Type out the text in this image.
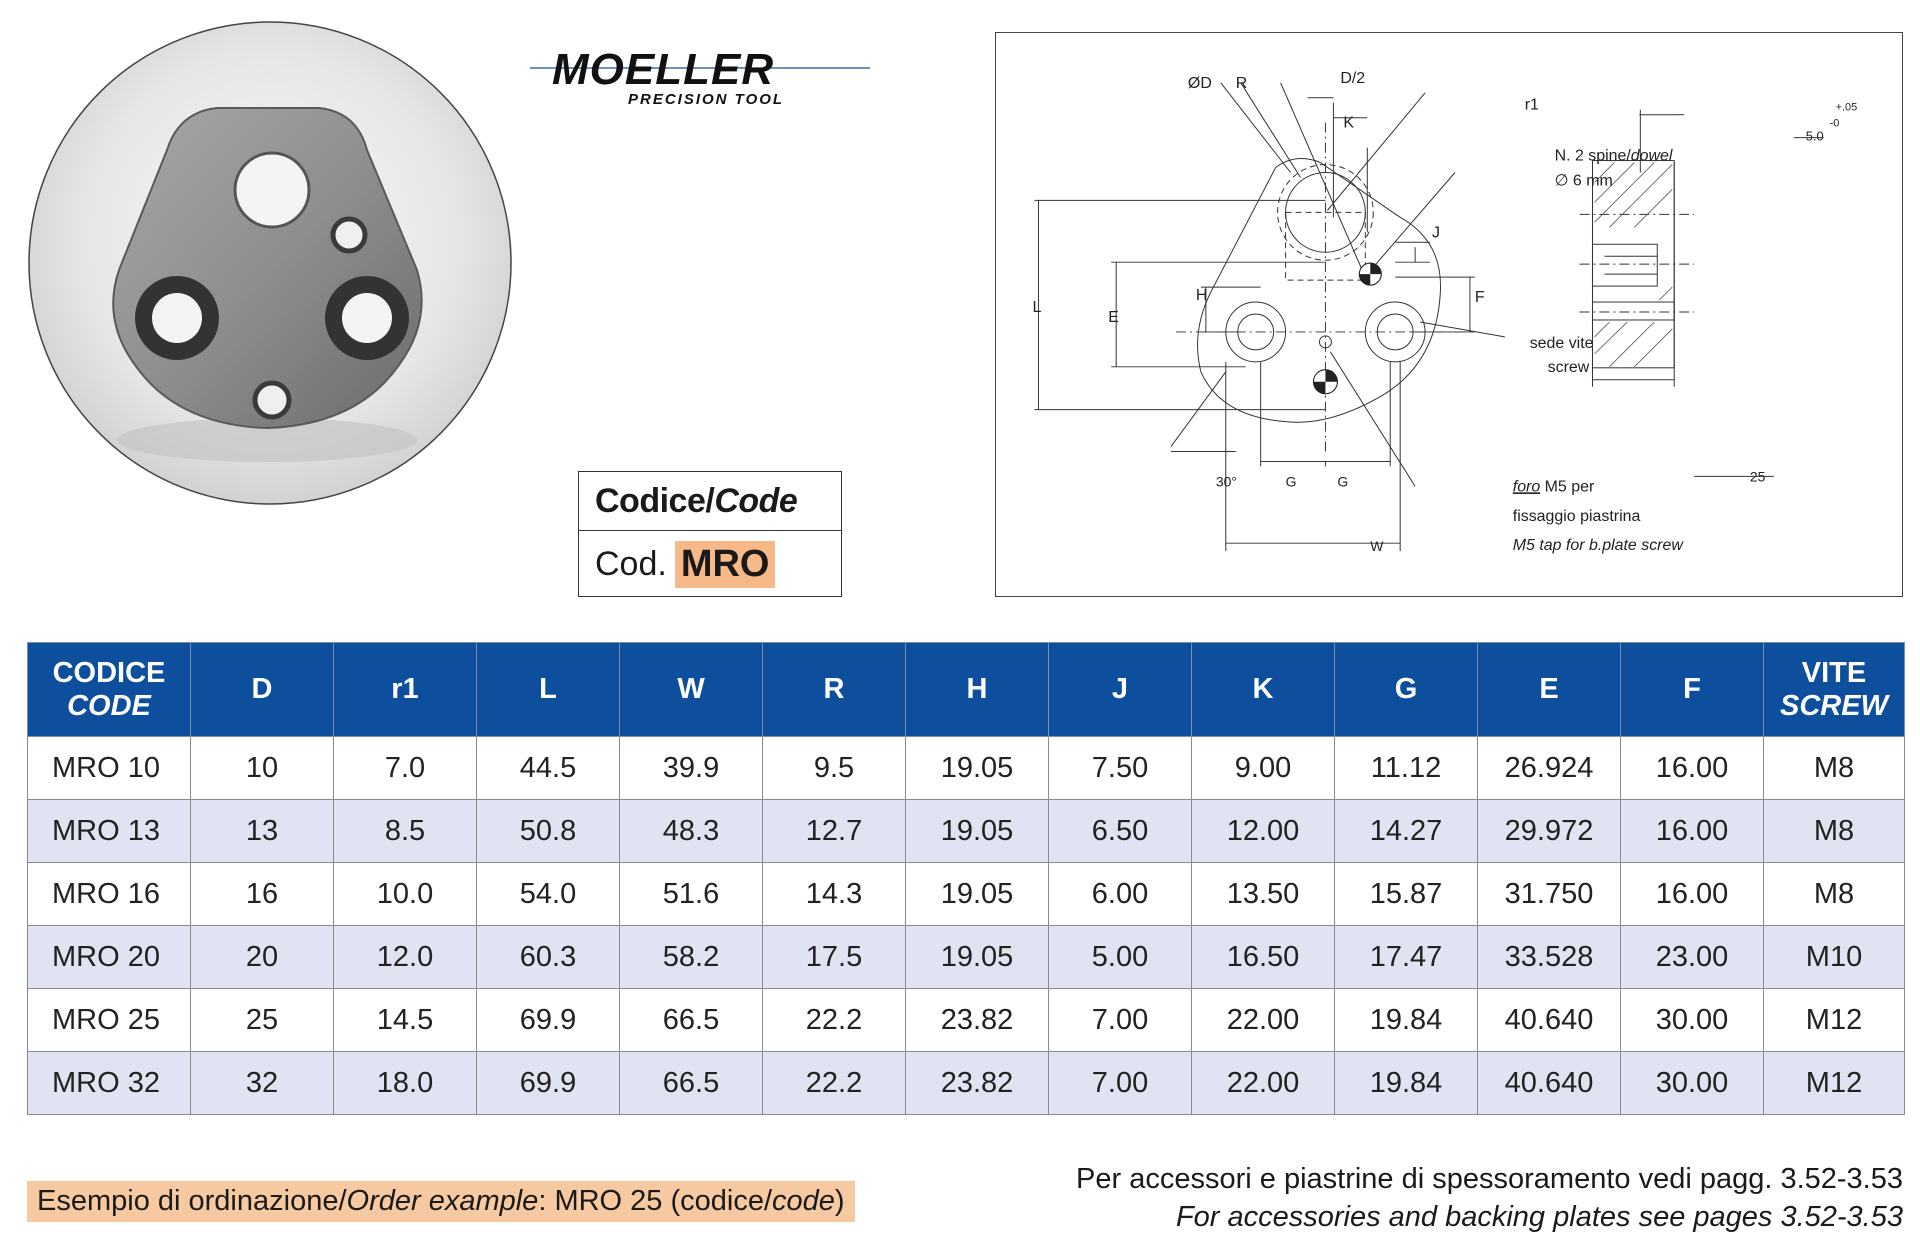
MOELLER
PRECISION TOOL
Codice/ Code
Cod. MRO
ØD R	D/2
K
r1
N. 2 spine/dowel
∅ 6 mm
J
H	F
E
L
sede vite
screw
30°	G	G
W
foro M5 per
fissaggio piastrina
M5 tap for b.plate screw
+.05
-0
5.0
25
CODICE
CODE	D	r1	L	W	R	H	J	K	G	E	F	VITE
SCREW
MRO 10	10	7.0	44.5	39.9	9.5	19.05	7.50	9.00	11.12	26.924	16.00	M8
MRO 13	13	8.5	50.8	48.3	12.7	19.05	6.50	12.00	14.27	29.972	16.00	M8
MRO 16	16	10.0	54.0	51.6	14.3	19.05	6.00	13.50	15.87	31.750	16.00	M8
MRO 20	20	12.0	60.3	58.2	17.5	19.05	5.00	16.50	17.47	33.528	23.00	M10
MRO 25	25	14.5	69.9	66.5	22.2	23.82	7.00	22.00	19.84	40.640	30.00	M12
MRO 32	32	18.0	69.9	66.5	22.2	23.82	7.00	22.00	19.84	40.640	30.00	M12
Esempio di ordinazione/ Order example : MRO 25 (codice/ code )
Per accessori e piastrine di spessoramento vedi pagg. 3.52-3.53
For accessories and backing plates see pages 3.52-3.53
